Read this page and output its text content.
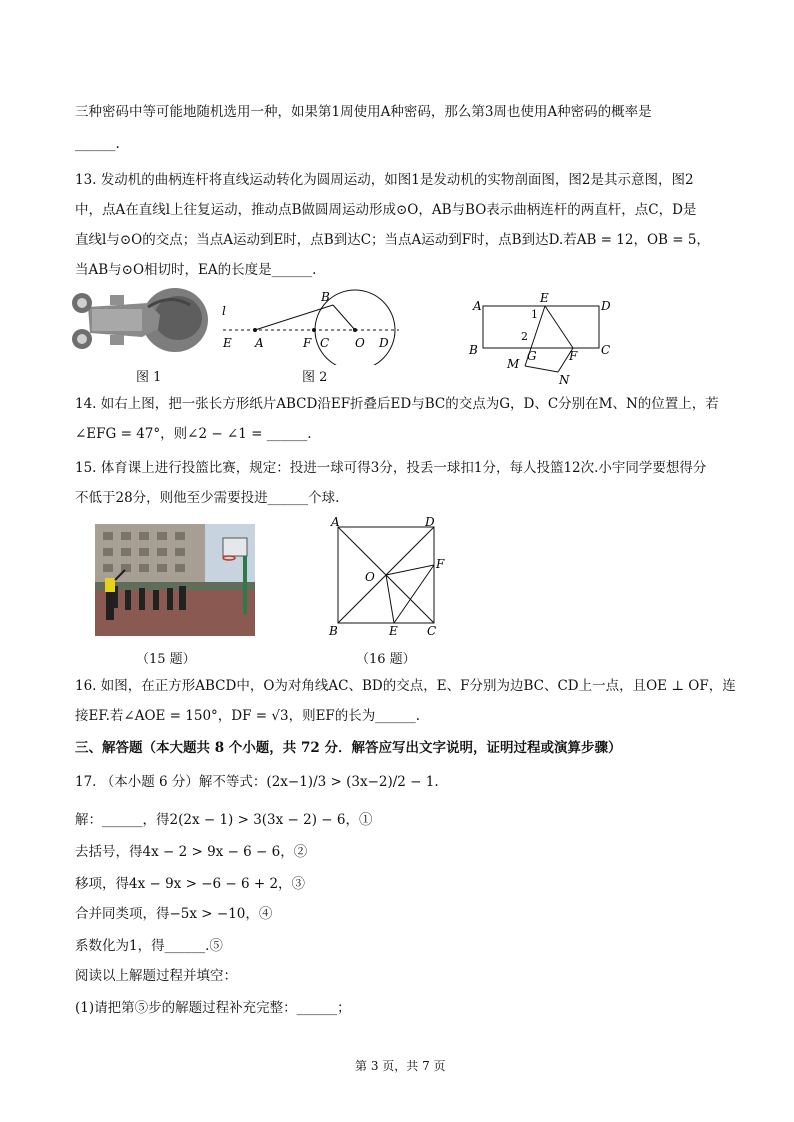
三种密码中等可能地随机选用一种，如果第1周使用A种密码，那么第3周也使用A种密码的概率是
______.
13. 发动机的曲柄连杆将直线运动转化为圆周运动，如图1是发动机的实物剖面图，图2是其示意图，图2
中，点A在直线l上往复运动，推动点B做圆周运动形成⊙O，AB与BO表示曲柄连杆的两直杆，点C，D是
直线l与⊙O的交点；当点A运动到E时，点B到达C；当点A运动到F时，点B到达D.若AB = 12，OB = 5，
当AB与⊙O相切时，EA的长度是______.
图 1
l
E A	F C O D
B
图 2
A
E
D
B	C
G	F
M
N
1
2
14. 如右上图，把一张长方形纸片ABCD沿EF折叠后ED与BC的交点为G，D、C分别在M、N的位置上，若
∠EFG = 47°，则∠2 − ∠1 = ______.
15. 体育课上进行投篮比赛，规定：投进一球可得3分，投丢一球扣1分，每人投篮12次.小宇同学要想得分
不低于28分，则他至少需要投进______个球.
A	D
O
F
B	E C
（15 题）	（16 题）
16. 如图，在正方形ABCD中，O为对角线AC、BD的交点，E、F分别为边BC、CD上一点，且OE ⊥ OF，连
接EF.若∠AOE = 150°，DF = √3，则EF的长为______.
三、解答题（本大题共 8 个小题，共 72 分．解答应写出文字说明，证明过程或演算步骤）
17. （本小题 6 分）解不等式：(2x−1)/3 > (3x−2)/2 − 1.
解：______，得2(2x − 1) > 3(3x − 2) − 6，①
去括号，得4x − 2 > 9x − 6 − 6，②
移项，得4x − 9x > −6 − 6 + 2，③
合并同类项，得−5x > −10，④
系数化为1，得______.⑤
阅读以上解题过程并填空：
(1)请把第⑤步的解题过程补充完整：______；
第 3 页，共 7 页
